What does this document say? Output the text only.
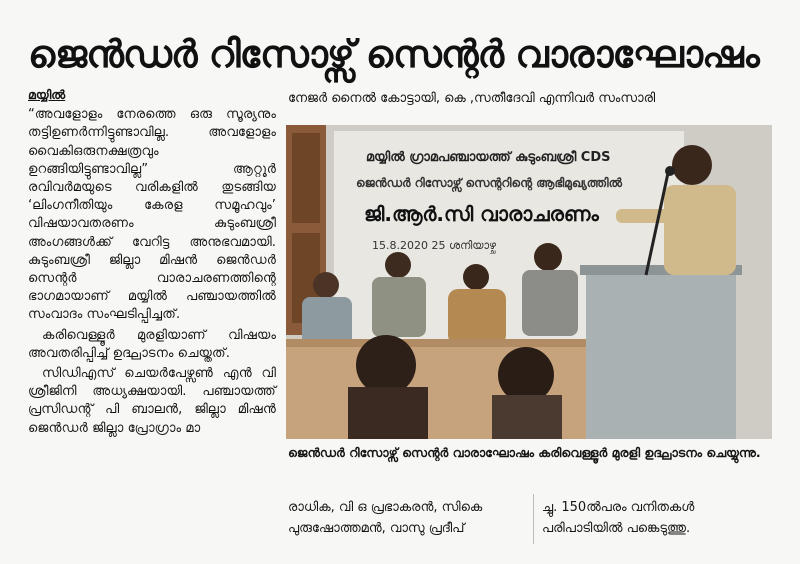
ജെൻഡർ റിസോഴ്സ് സെന്റർ വാരാഘോഷം
മയ്യിൽ

“അവളോളം നേരത്തെ ഒരു സൂര്യനും തട്ടിഉണർന്നിട്ടുണ്ടാവില്ല. അവളോളം വൈകിഒരുനക്ഷത്രവും ഉറങ്ങിയിട്ടുണ്ടാവില്ല” ആറ്റൂർ രവിവർമയുടെ വരികളിൽ തുടങ്ങിയ ‘ലിംഗനീതിയും കേരള സമൂഹവും’ വിഷയാവതരണം കുടുംബശ്രീ അംഗങ്ങൾക്ക് വേറിട്ട അനുഭവമായി. കുടുംബശ്രീ ജില്ലാ മിഷൻ ജെൻഡർ സെന്റർ വാരാചരണത്തിന്റെ ഭാഗമായാണ് മയ്യിൽ പഞ്ചായത്തിൽ സംവാദം സംഘടിപ്പിച്ചത്.

കരിവെള്ളൂർ മുരളിയാണ് വിഷയം അവതരിപ്പിച്ച് ഉദ്ഘാടനം ചെയ്തത്.

സിഡിഎസ് ചെയർപേഴ്സൺ എൻ വി ശ്രീജിനി അധ്യക്ഷയായി. പഞ്ചായത്ത് പ്രസിഡന്റ് പി ബാലൻ, ജില്ലാ മിഷൻ ജെൻഡർ ജില്ലാ പ്രോഗ്രാം മാ

നേജർ നൈൽ കോട്ടായി, കെ ,സതീദേവി എന്നിവർ സംസാരി
മയ്യിൽ ഗ്രാമപഞ്ചായത്ത് കുടുംബശ്രീ CDS
ജെൻഡർ റിസോഴ്സ് സെന്ററിന്റെ ആഭിമുഖ്യത്തിൽ
ജി.ആർ.സി വാരാചരണം
15.8.2020 25 ശനിയാഴ്ച
ജെൻഡർ റിസോഴ്സ് സെന്റർ വാരാഘോഷം കരിവെള്ളൂർ മുരളി ഉദ്ഘാടനം ചെയ്യുന്നു.
രാധിക, വി ഒ പ്രഭാകരൻ, സികെ പുരുഷോത്തമൻ, വാസു പ്രദീപ്
ച്ചു. 150ൽപരം വനിതകൾ പരിപാടിയിൽ പങ്കെടുത്തു.
